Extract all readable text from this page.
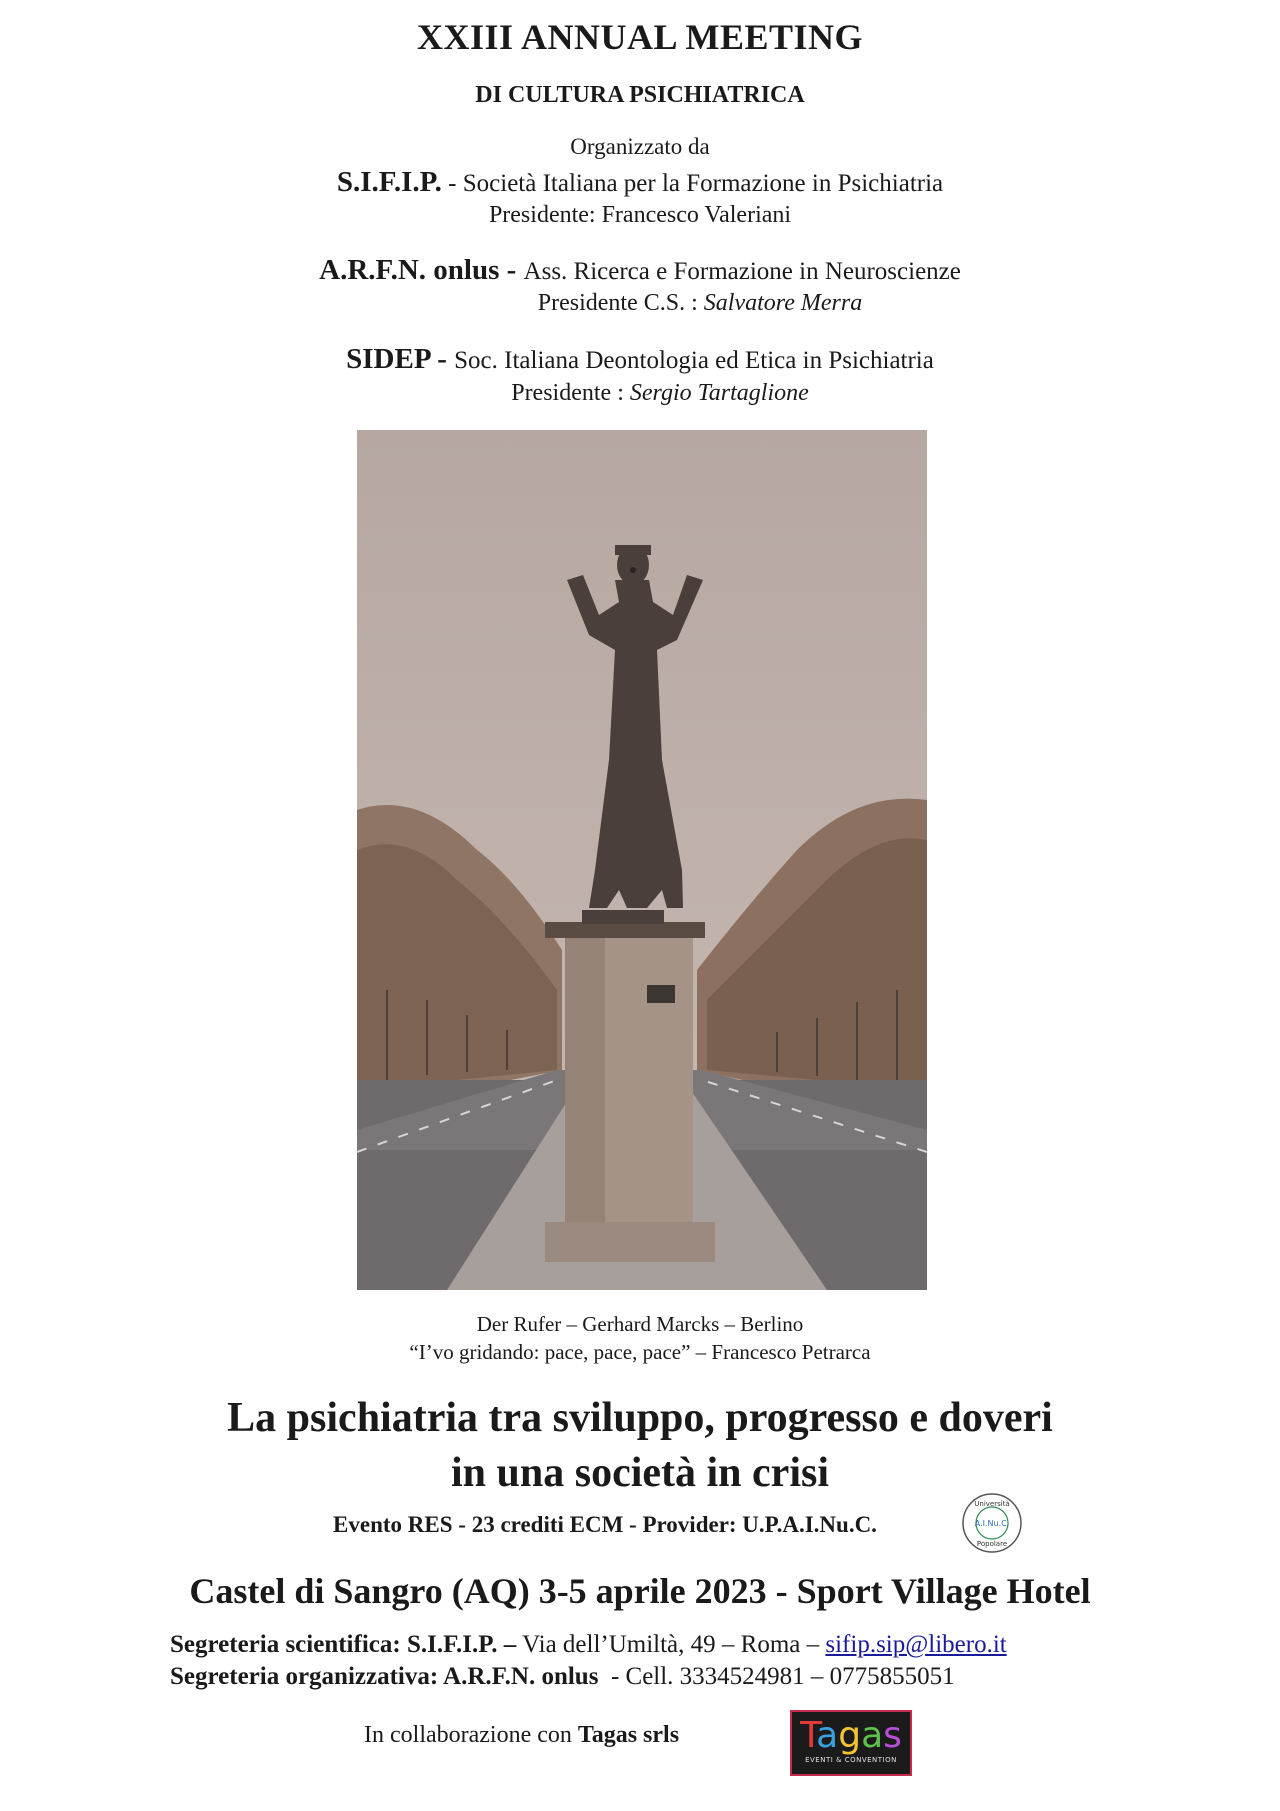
XXIII ANNUAL MEETING
DI CULTURA PSICHIATRICA
Organizzato da
S.I.F.I.P. - Società Italiana per la Formazione in Psichiatria
Presidente: Francesco Valeriani
A.R.F.N. onlus - Ass. Ricerca e Formazione in Neuroscienze
Presidente C.S. : Salvatore Merra
SIDEP - Soc. Italiana Deontologia ed Etica in Psichiatria
Presidente : Sergio Tartaglione
Der Rufer – Gerhard Marcks – Berlino
“I’vo gridando: pace, pace, pace” – Francesco Petrarca
La psichiatria tra sviluppo, progresso e doveri
in una società in crisi
Evento RES - 23 crediti ECM - Provider: U.P.A.I.Nu.C.
Università
A.I.Nu.C.
Popolare
Castel di Sangro (AQ) 3-5 aprile 2023 - Sport Village Hotel
Segreteria scientifica: S.I.F.I.P. – Via dell’Umiltà, 49 – Roma – sifip.sip@libero.it
Segreteria organizzativa: A.R.F.N. onlus  - Cell. 3334524981 – 0775855051
In collaborazione con Tagas srls	Tagas
EVENTI & CONVENTION
